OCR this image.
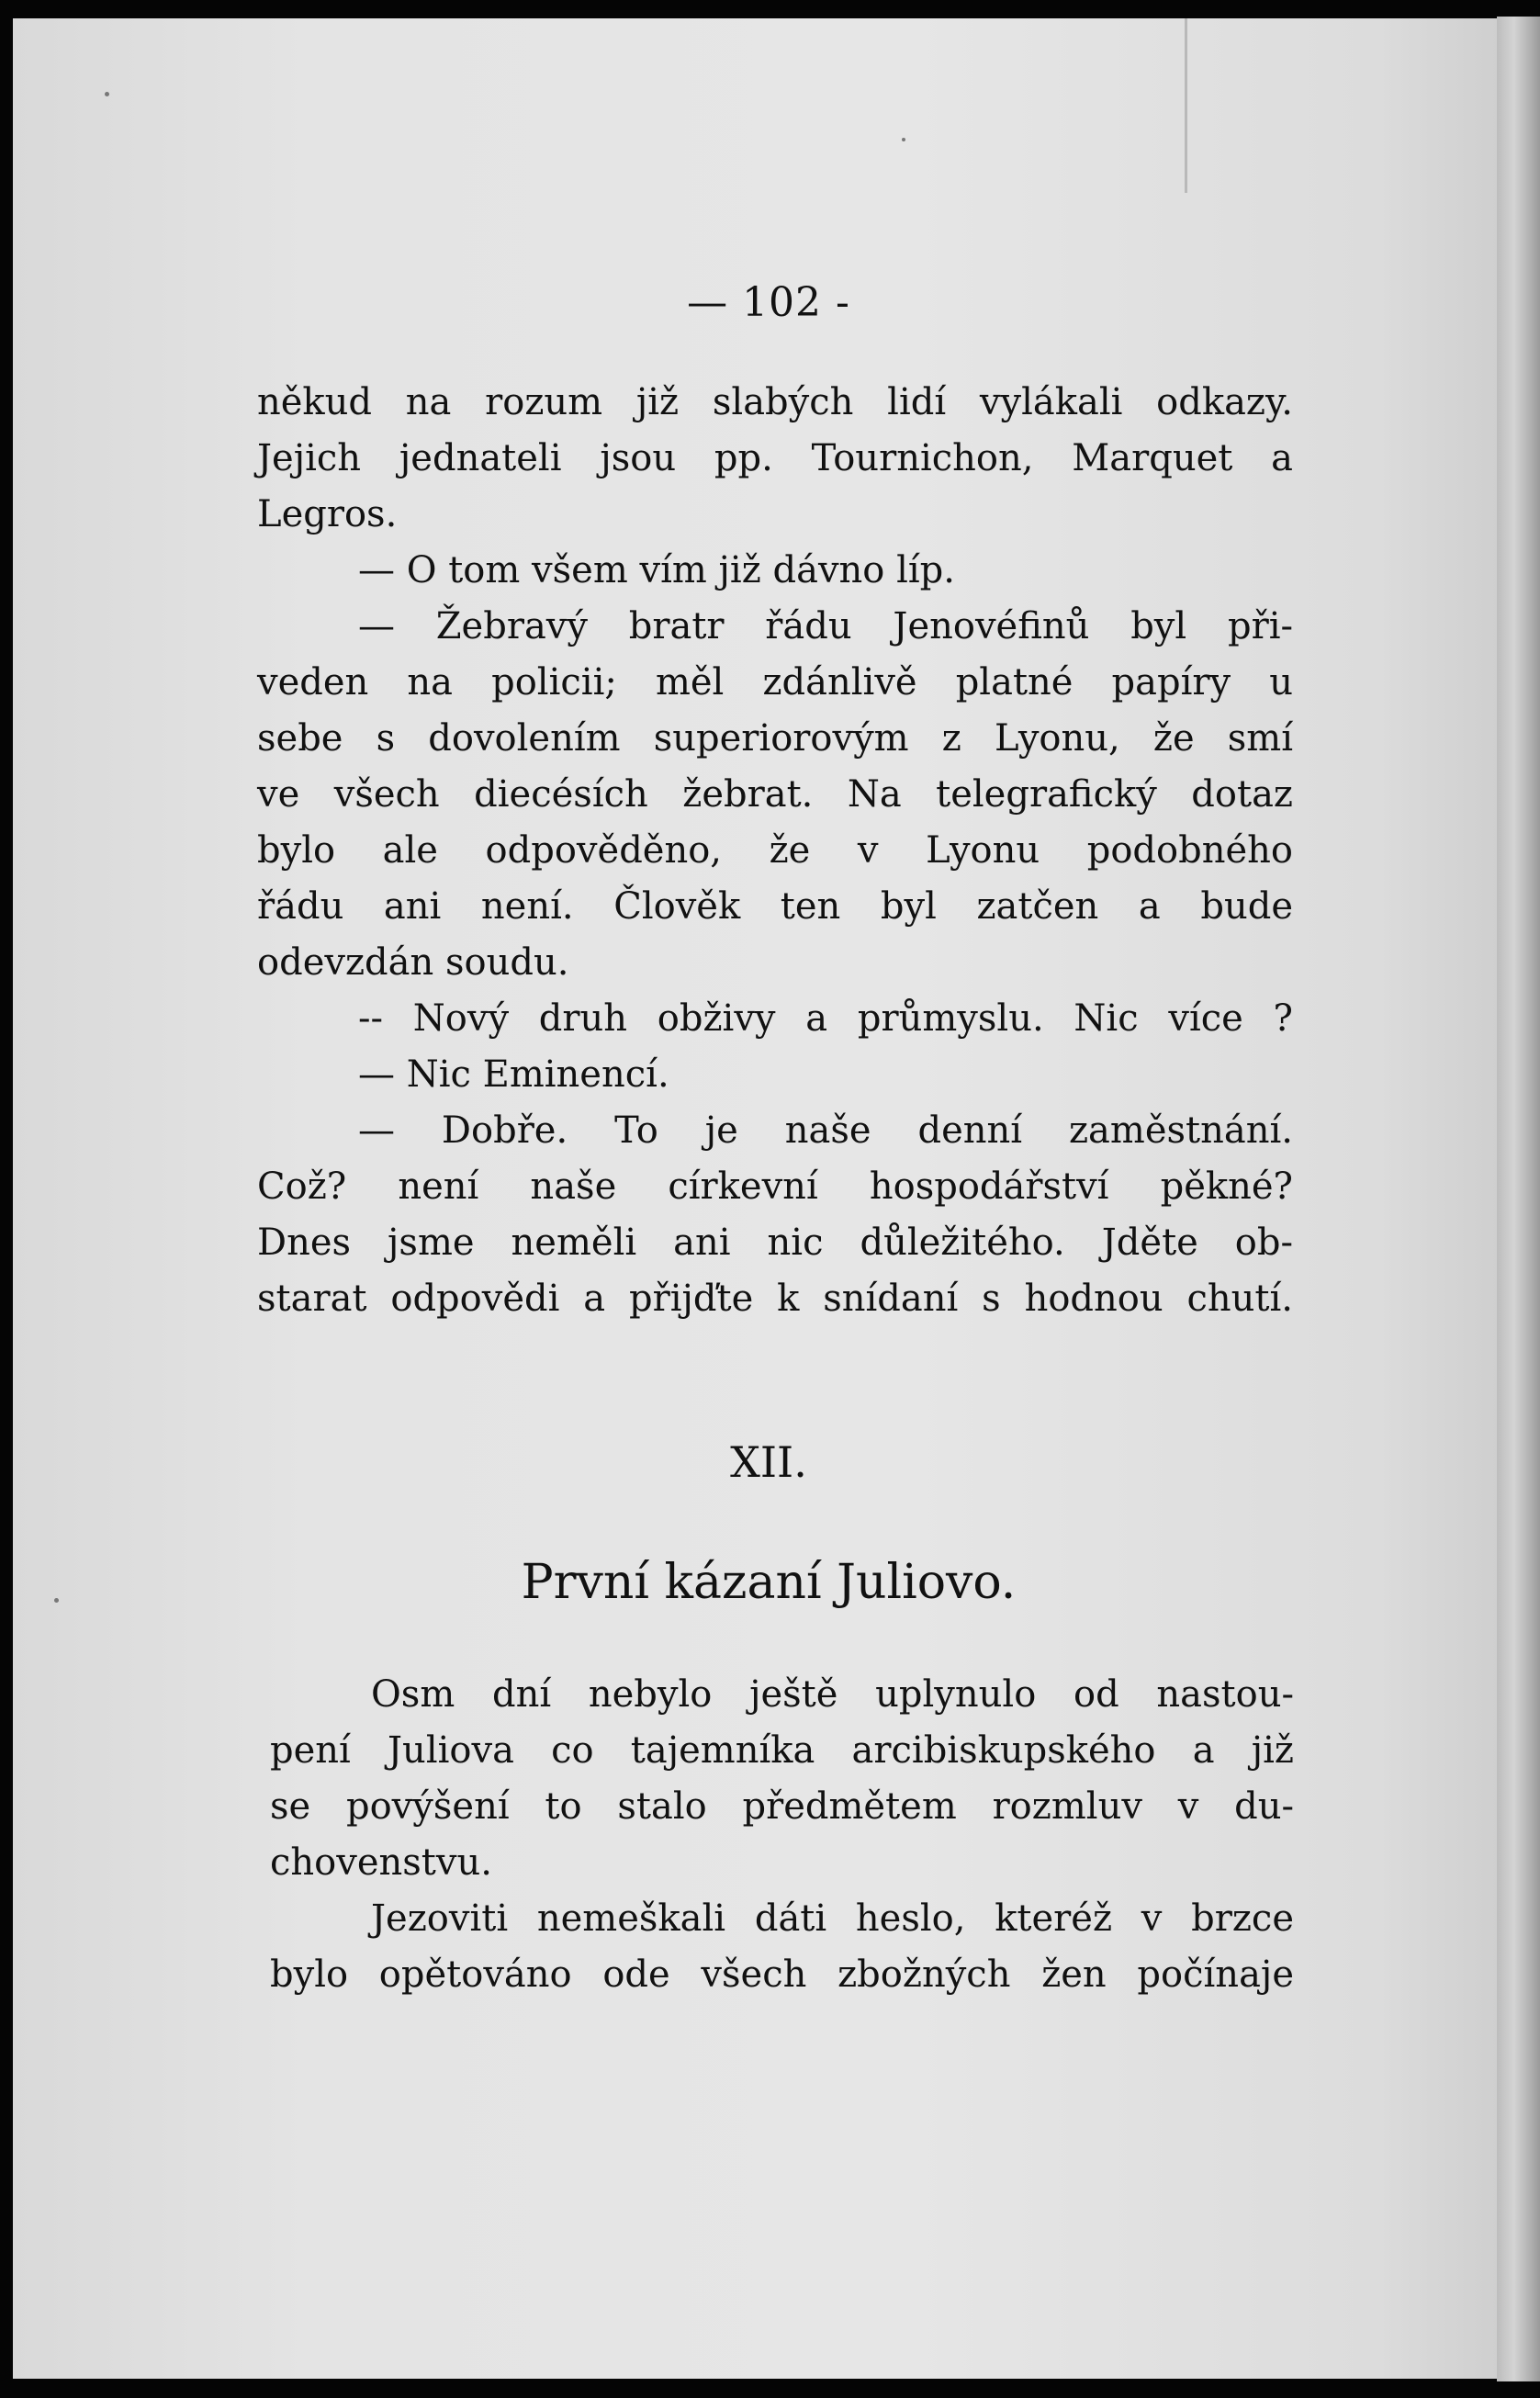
— 102 -
někud na rozum již slabých lidí vylákali odkazy.
Jejich jednateli jsou pp. Tournichon, Marquet a
Legros.
— O tom všem vím již dávno líp.
— Žebravý bratr řádu Jenovéfinů byl při-
veden na policii; měl zdánlivě platné papíry u
sebe s dovolením superiorovým z Lyonu, že smí
ve všech diecésích žebrat. Na telegrafický dotaz
bylo ale odpověděno, že v Lyonu podobného
řádu ani není. Člověk ten byl zatčen a bude
odevzdán soudu.
-- Nový druh obživy a průmyslu. Nic více ?
— Nic Eminencí.
— Dobře. To je naše denní zaměstnání.
Což? není naše církevní hospodářství pěkné?
Dnes jsme neměli ani nic důležitého. Jděte ob-
starat odpovědi a přijďte k snídaní s hodnou chutí.
XII.
První kázaní Juliovo.
Osm dní nebylo ještě uplynulo od nastou-
pení Juliova co tajemníka arcibiskupského a již
se povýšení to stalo předmětem rozmluv v du-
chovenstvu.
Jezoviti nemeškali dáti heslo, kteréž v brzce
bylo opětováno ode všech zbožných žen počínaje
